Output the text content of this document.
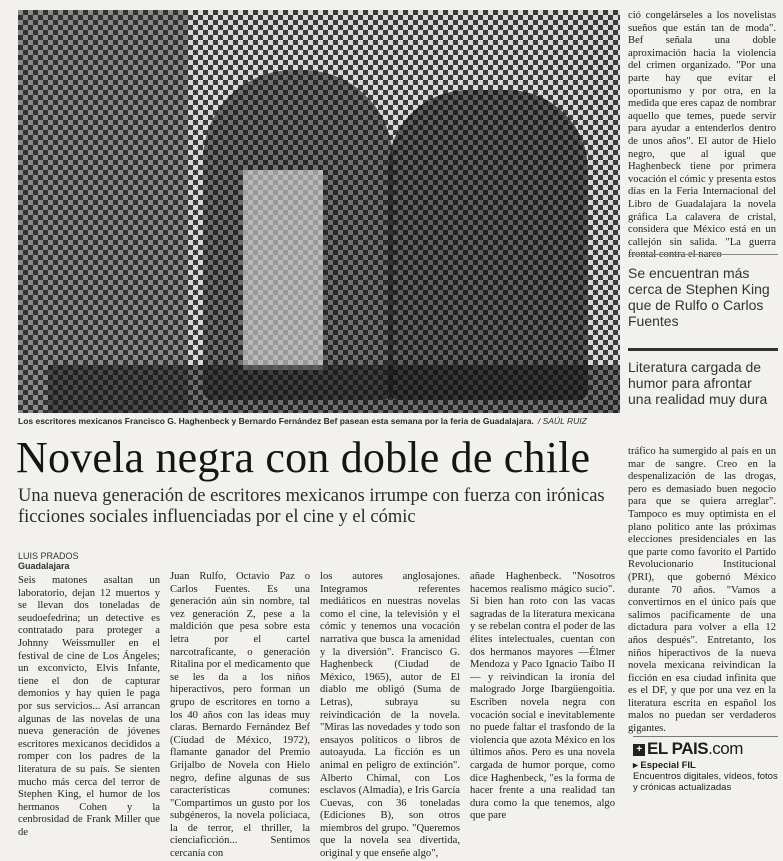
Los escritores mexicanos Francisco G. Haghenbeck y Bernardo Fernández Bef pasean esta semana por la feria de Guadalajara. / SAÚL RUIZ
Novela negra con doble de chile
Una nueva generación de escritores mexicanos irrumpe con fuerza con irónicas ficciones sociales influenciadas por el cine y el cómic
LUIS PRADOS
Guadalajara

Seis matones asaltan un laboratorio, dejan 12 muertos y se llevan dos toneladas de seudoefedrina; un detective es contratado para proteger a Johnny Weissmuller en el festival de cine de Los Ángeles; un exconvicto, Elvis Infante, tiene el don de capturar demonios y hay quien le paga por sus servicios... Así arrancan algunas de las novelas de una nueva generación de jóvenes escritores mexicanos decididos a romper con los padres de la literatura de su país. Se sienten mucho más cerca del terror de Stephen King, el humor de los hermanos Cohen y la cenbrosidad de Frank Miller que de

Juan Rulfo, Octavio Paz o Carlos Fuentes. Es una generación aún sin nombre, tal vez generación Z, pese a la maldición que pesa sobre esta letra por el cartel narcotraficante, o generación Ritalina por el medicamento que se les da a los niños hiperactivos, pero forman un grupo de escritores en torno a los 40 años con las ideas muy claras. Bernardo Fernández Bef (Ciudad de México, 1972), flamante ganador del Premio Grijalbo de Novela con Hielo negro, define algunas de sus características comunes: "Compartimos un gusto por los subgéneros, la novela policiaca, la de terror, el thriller, la cienciaficción... Sentimos cercanía con

los autores anglosajones. Integramos referentes mediáticos en nuestras novelas como el cine, la televisión y el cómic y tenemos una vocación narrativa que busca la amenidad y la diversión". Francisco G. Haghenbeck (Ciudad de México, 1965), autor de El diablo me obligó (Suma de Letras), subraya su reivindicación de la novela. "Miras las novedades y todo son ensayos políticos o libros de autoayuda. La ficción es un animal en peligro de extinción". Alberto Chimal, con Los esclavos (Almadía), e Iris García Cuevas, con 36 toneladas (Ediciones B), son otros miembros del grupo. "Queremos que la novela sea divertida, original y que enseñe algo",

añade Haghenbeck. "Nosotros hacemos realismo mágico sucio". Si bien han roto con las vacas sagradas de la literatura mexicana y se rebelan contra el poder de las élites intelectuales, cuentan con dos hermanos mayores —Élmer Mendoza y Paco Ignacio Taibo II— y reivindican la ironía del malogrado Jorge Ibargüengoitia. Escriben novela negra con vocación social e inevitablemente no puede faltar el trasfondo de la violencia que azota México en los últimos años. Pero es una novela cargada de humor porque, como dice Haghenbeck, "es la forma de hacer frente a una realidad tan dura como la que tenemos, algo que pare

ció congelárseles a los novelistas sueños que están tan de moda". Bef señala una doble aproximación hacia la violencia del crimen organizado. "Por una parte hay que evitar el oportunismo y por otra, en la medida que eres capaz de nombrar aquello que temes, puede servir para ayudar a entenderlos dentro de unos años". El autor de Hielo negro, que al igual que Haghenbeck tiene por primera vocación el cómic y presenta estos días en la Feria Internacional del Libro de Guadalajara la novela gráfica La calavera de cristal, considera que México está en un callejón sin salida. "La guerra frontal contra el narco-

Se encuentran más cerca de Stephen King que de Rulfo o Carlos Fuentes
Literatura cargada de humor para afrontar una realidad muy dura

tráfico ha sumergido al país en un mar de sangre. Creo en la despenalización de las drogas, pero es demasiado buen negocio para que se quiera arreglar". Tampoco es muy optimista en el plano político ante las próximas elecciones presidenciales en las que parte como favorito el Partido Revolucionario Institucional (PRI), que gobernó México durante 70 años. "Vamos a convertirnos en el único país que salimos pacíficamente de una dictadura para volver a ella 12 años después". Entretanto, los niños hiperactivos de la nueva novela mexicana reivindican la ficción en esa ciudad infinita que es el DF, y que por una vez en la literatura escrita en español los malos no puedan ser verdaderos gigantes.

+ EL PAIS.com
▸ Especial FIL
Encuentros digitales, vídeos, fotos y crónicas actualizadas
